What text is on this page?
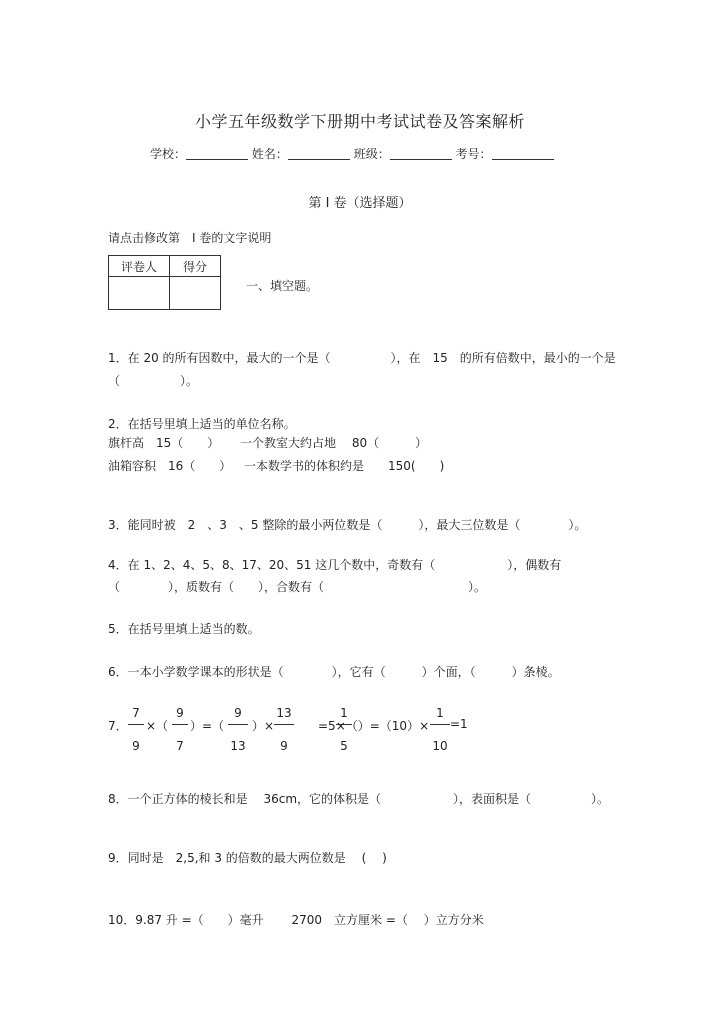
小学五年级数学下册期中考试试卷及答案解析
学校：	姓名：	班级：	考号：
第 I 卷（选择题）
请点击修改第　I 卷的文字说明
评卷人	得分

一、填空题。
1．在 20 的所有因数中，最大的一个是（　　　　　），在　15　的所有倍数中，最小的一个是
（　　　　　）。
2．在括号里填上适当的单位名称。
旗杆高　15（　　） 一个教室大约占地　 80（　　　）
油箱容积　16（　　） 一本数学书的体积约是　　150(　　)
3．能同时被　2　、3　、5 整除的最小两位数是（　　　），最大三位数是（　　　　）。
4．在 1、2、4、5、8、17、20、51 这几个数中，奇数有（　　　　　　），偶数有
（　　　　），质数有（　　），合数有（　　　　　　　　　　　　）。
5．在括号里填上适当的数。
6．一本小学数学课本的形状是（　　　　），它有（　　　）个面，（　　　）条棱。
7．
7
9
×（
9
7
）=（
9
13
）×
13
9
1
5
=5×（）=（10）×
1
10
=1
8．一个正方体的棱长和是　 36cm，它的体积是（　　　　　　），表面积是（　　　　　）。
9．同时是　2,5,和 3 的倍数的最大两位数是　 (　 )
10．9.87 升 =（　　）毫升　　 2700　立方厘米 =（　 ）立方分米
